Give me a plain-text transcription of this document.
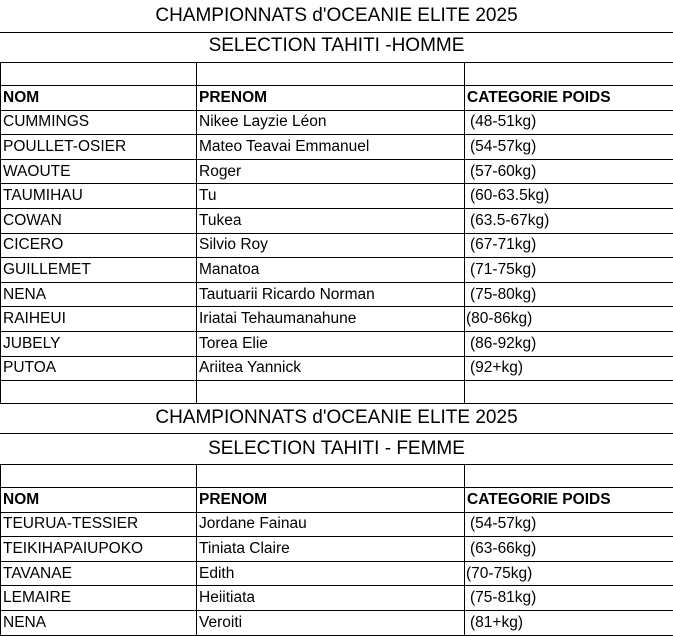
CHAMPIONNATS d'OCEANIE ELITE 2025
SELECTION TAHITI -HOMME

NOM	PRENOM	CATEGORIE POIDS
CUMMINGS	Nikee Layzie Léon	(48-51kg)
POULLET-OSIER	Mateo Teavai Emmanuel	(54-57kg)
WAOUTE	Roger	(57-60kg)
TAUMIHAU	Tu	(60-63.5kg)
COWAN	Tukea	(63.5-67kg)
CICERO	Silvio Roy	(67-71kg)
GUILLEMET	Manatoa	(71-75kg)
NENA	Tautuarii Ricardo Norman	(75-80kg)
RAIHEUI	Iriatai Tehaumanahune	(80-86kg)
JUBELY	Torea Elie	(86-92kg)
PUTOA	Ariitea Yannick	(92+kg)

CHAMPIONNATS d'OCEANIE ELITE 2025
SELECTION TAHITI - FEMME

NOM	PRENOM	CATEGORIE POIDS
TEURUA-TESSIER	Jordane Fainau	(54-57kg)
TEIKIHAPAIUPOKO	Tiniata Claire	(63-66kg)
TAVANAE	Edith	(70-75kg)
LEMAIRE	Heiitiata	(75-81kg)
NENA	Veroiti	(81+kg)
